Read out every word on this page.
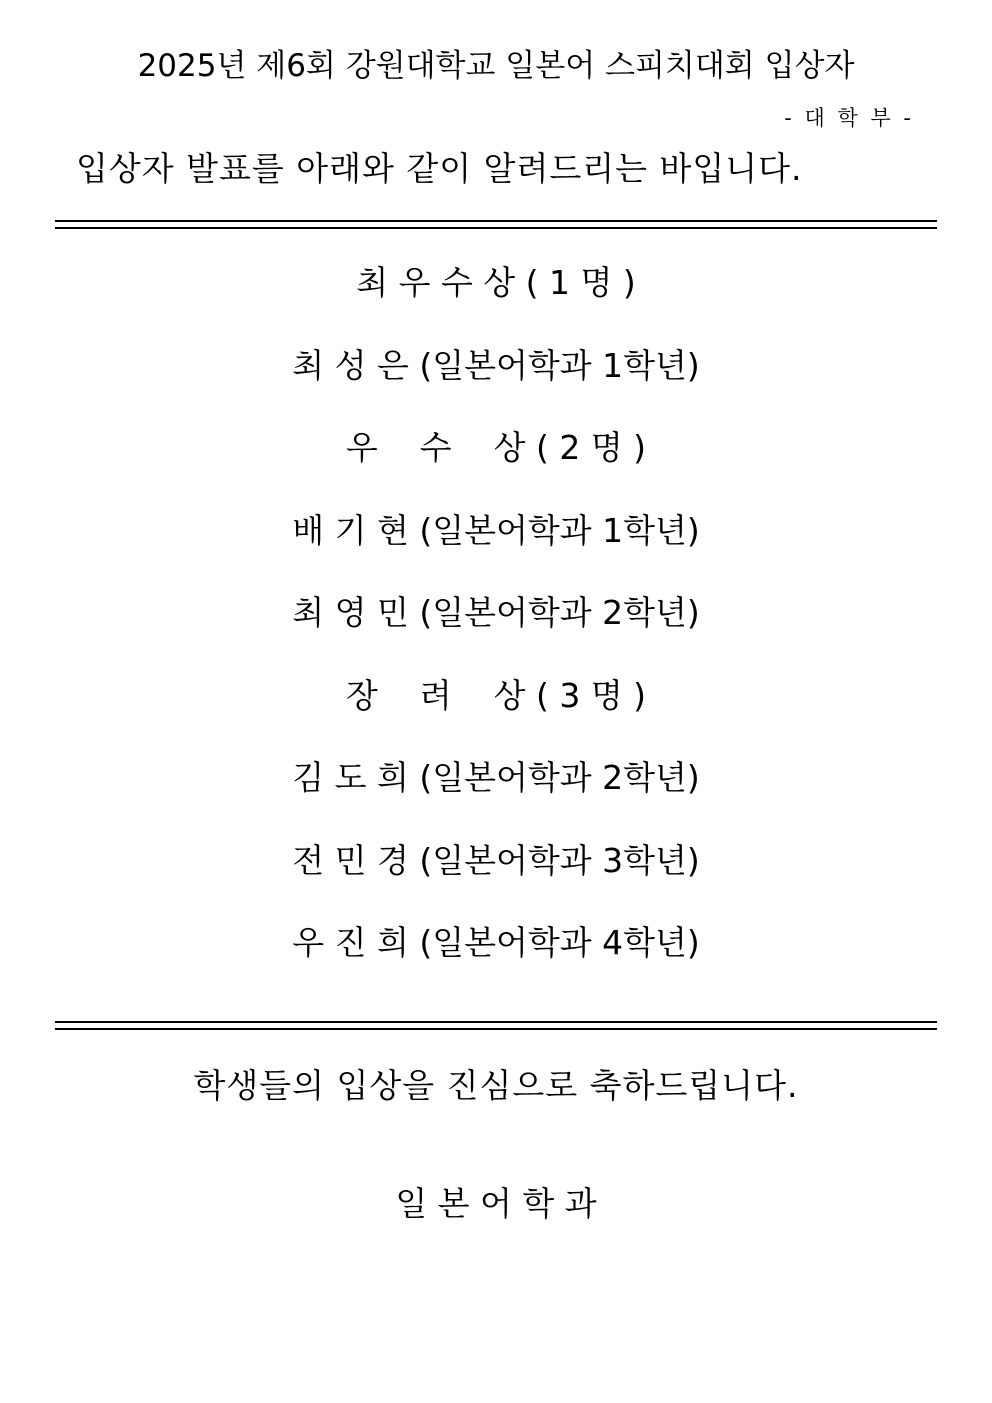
2025년 제6회 강원대학교 일본어 스피치대회 입상자
- 대 학 부 -
입상자 발표를 아래와 같이 알려드리는 바입니다.
최 우 수 상 ( 1 명 )
최 성 은 (일본어학과 1학년)
우    수    상 ( 2 명 )
배 기 현 (일본어학과 1학년)
최 영 민 (일본어학과 2학년)
장    려    상 ( 3 명 )
김 도 희 (일본어학과 2학년)
전 민 경 (일본어학과 3학년)
우 진 희 (일본어학과 4학년)
학생들의 입상을 진심으로 축하드립니다.
일 본 어 학 과
